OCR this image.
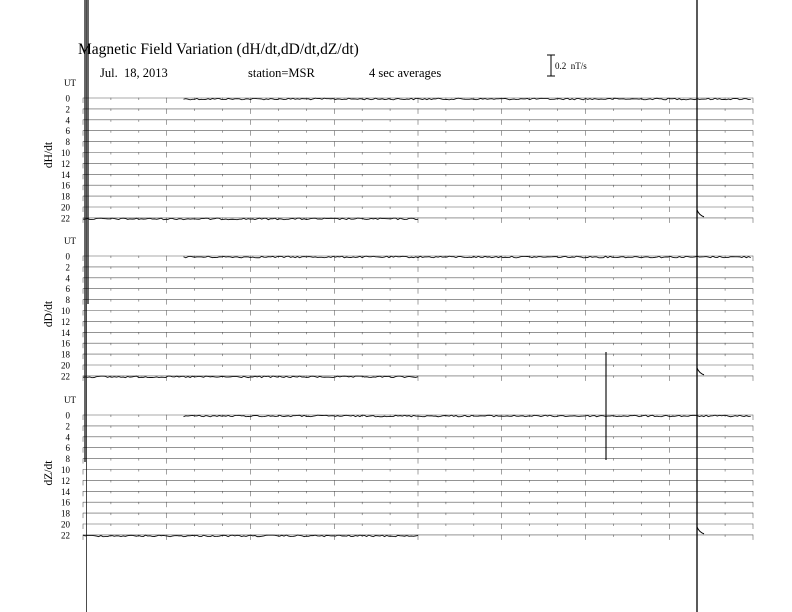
Magnetic Field Variation (dH/dt,dD/dt,dZ/dt)
Jul.  18, 2013	station=MSR	4 sec averages	0.2  nT/s
UT
dH/dt
0
2
4
6
8
10
12
14
16
18
20
22
UT
dD/dt
0
2
4
6
8
10
12
14
16
18
20
22
UT
dZ/dt
0
2
4
6
8
10
12
14
16
18
20
22
